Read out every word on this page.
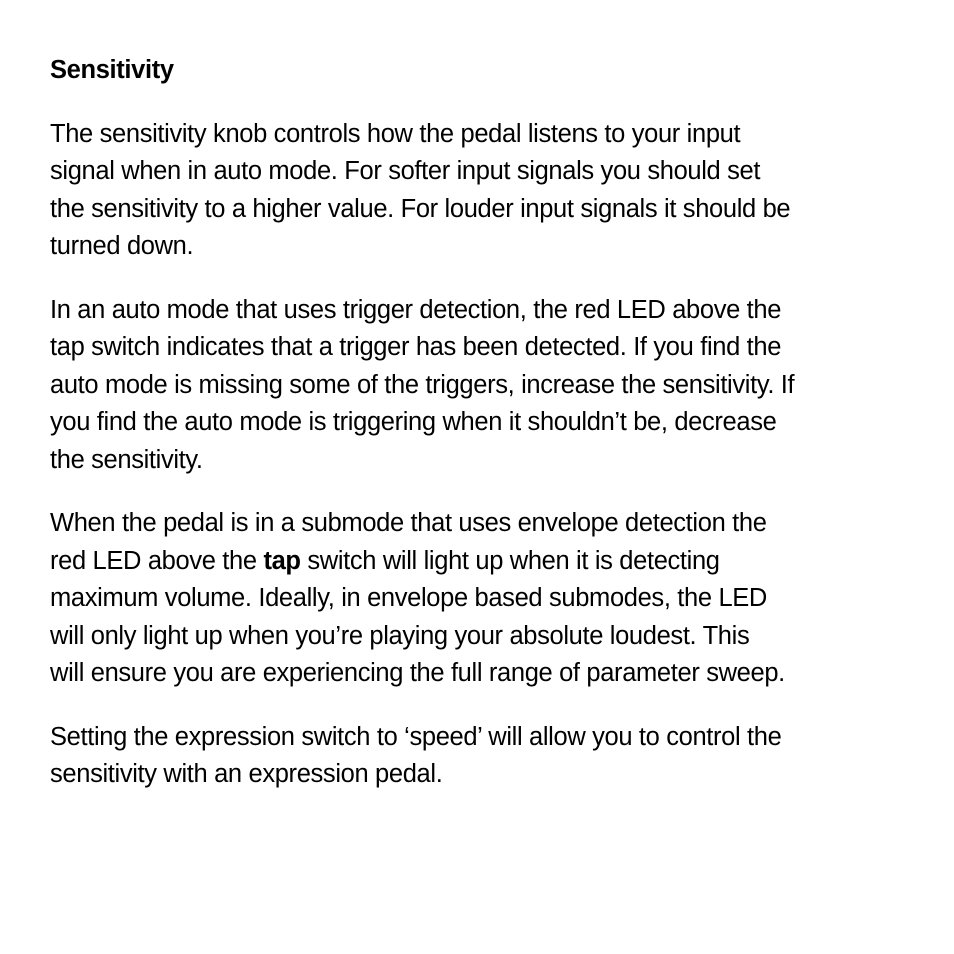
Sensitivity
The sensitivity knob controls how the pedal listens to your input
signal when in auto mode. For softer input signals you should set
the sensitivity to a higher value. For louder input signals it should be
turned down.
In an auto mode that uses trigger detection, the red LED above the
tap switch indicates that a trigger has been detected. If you find the
auto mode is missing some of the triggers, increase the sensitivity. If
you find the auto mode is triggering when it shouldn’t be, decrease
the sensitivity.
When the pedal is in a submode that uses envelope detection the
red LED above the tap switch will light up when it is detecting
maximum volume. Ideally, in envelope based submodes, the LED
will only light up when you’re playing your absolute loudest. This
will ensure you are experiencing the full range of parameter sweep.
Setting the expression switch to ‘speed’ will allow you to control the
sensitivity with an expression pedal.
